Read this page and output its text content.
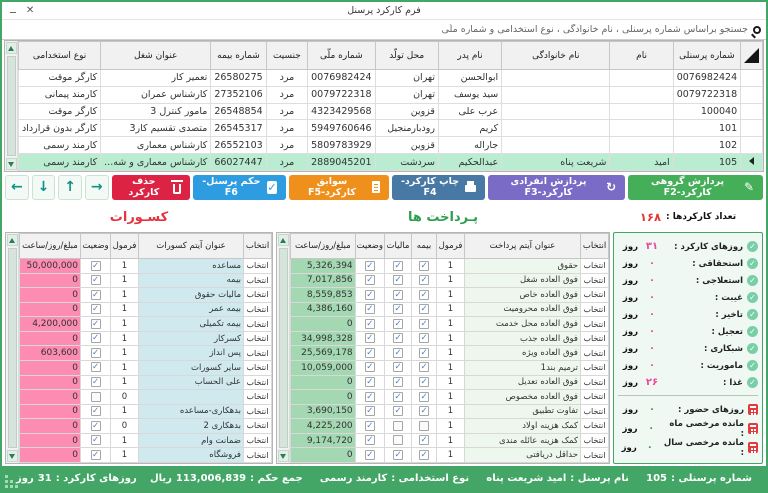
فرم کارکرد پرسنل
ــ ✕
جستجو براساس شماره پرسنلی ، نام خانوادگی ، نوع استخدامی و شماره ملّی
	شماره پرسنلی	نام	نام خانوادگی	نام پدر	محل تولّد	شماره ملّی	جنسیت	شماره بیمه	عنوان شغل	نوع استخدامی
	0076982424			ابوالحسن	تهران	0076982424	مرد	26580275	تعمیر کار	کارگر موقت
	0079722318			سید یوسف	تهران	0079722318	مرد	27352106	کارشناس عمران	کارمند پیمانی
	100040			عرب علی	قزوین	4323429568	مرد	26548854	مامور کنترل 3	کارگر موقت
	101			کریم	رودبارمنجیل	5949760646	مرد	26545317	متصدی تقسیم کار3	کارگر بدون قرارداد
	102			جاراله	قزوین	5809783929	مرد	26552103	کارشناس معماری	کارمند رسمی
	105	امید	شریعت پناه	عبدالحکیم	سردشت	2889045201	مرد	66027447	کارشناس معماری و شه...	کارمند رسمی
✎
پردازش گروهی کارکرد-F2
↻
پردازش انفرادی کارکرد-F3
چاپ کارکرد-F4
سوابق کارکرد-F5
✓
حکم پرسنل-F6
حذف کارکرد
→
↑
↓
←
تعداد کارکردها :
۱۶۸
پـرداخت ها
کسـورات
✓
روزهای کارکرد :
۳۱
روز
✓
استحقاقی :
۰
روز
✓
استعلاجی :
۰
روز
✓
غیبت :
۰
روز
✓
تاخیر :
۰
روز
✓
تعجیل :
۰
روز
✓
شبکاری :
۰
روز
✓
ماموریت :
۰
روز
✓
غذا :
۲۶
روز
روزهای حضور :
۰
روز
مانده مرخصی ماه :
۰
روز
مانده مرخصی سال :
۰
روز
انتخاب	عنوان آیتم پرداخت	فرمول	بیمه	مالیات	وضعیت	مبلغ/روز/ساعت
انتخاب	حقوق	1	✓	✓	✓	5,326,394
انتخاب	فوق العاده شغل	1	✓	✓	✓	7,017,856
انتخاب	فوق العاده خاص	1	✓	✓	✓	8,559,853
انتخاب	فوق العاده محرومیت	1	✓	✓	✓	4,386,160
انتخاب	فوق العاده محل خدمت	1	✓	✓	✓	0
انتخاب	فوق العاده جذب	1	✓	✓	✓	34,998,328
انتخاب	فوق العاده ویژه	1	✓	✓	✓	25,569,178
انتخاب	ترمیم بند1	1	✓	✓	✓	10,059,000
انتخاب	فوق العاده تعدیل	1	✓	✓	✓	0
انتخاب	فوق العاده مخصوص	1	✓	✓	✓	0
انتخاب	تفاوت تطبیق	1	✓	✓	✓	3,690,150
انتخاب	کمک هزینه اولاد	1			✓	4,225,200
انتخاب	کمک هزینه عائله مندی	1	✓		✓	9,174,720
انتخاب	حداقل دریافتی	1	✓	✓	✓	0
انتخاب	عنوان آیتم کسورات	فرمول	وضعیت	مبلغ/روز/ساعت
انتخاب	مساعده	1	✓	50,000,000
انتخاب	بیمه	1	✓	0
انتخاب	مالیات حقوق	1	✓	0
انتخاب	بیمه عمر	1	✓	0
انتخاب	بیمه تکمیلی	1	✓	4,200,000
انتخاب	کسرکار	1	✓	0
انتخاب	پس انداز	1	✓	603,600
انتخاب	سایر کسورات	1	✓	0
انتخاب	علی الحساب	1	✓	0
انتخاب		0		0
انتخاب	بدهکاری-مساعده	1	✓	0
انتخاب	بدهکاری 2	0	✓	0
انتخاب	ضمانت وام	1	✓	0
انتخاب	فروشگاه	1	✓	0
شماره پرسنلی :
105
نام پرسنل :
امید شریعت پناه
نوع استخدامی :
کارمند رسمی
جمع حکم :
113,006,839
ریال
روزهای کارکرد :
31
روز
